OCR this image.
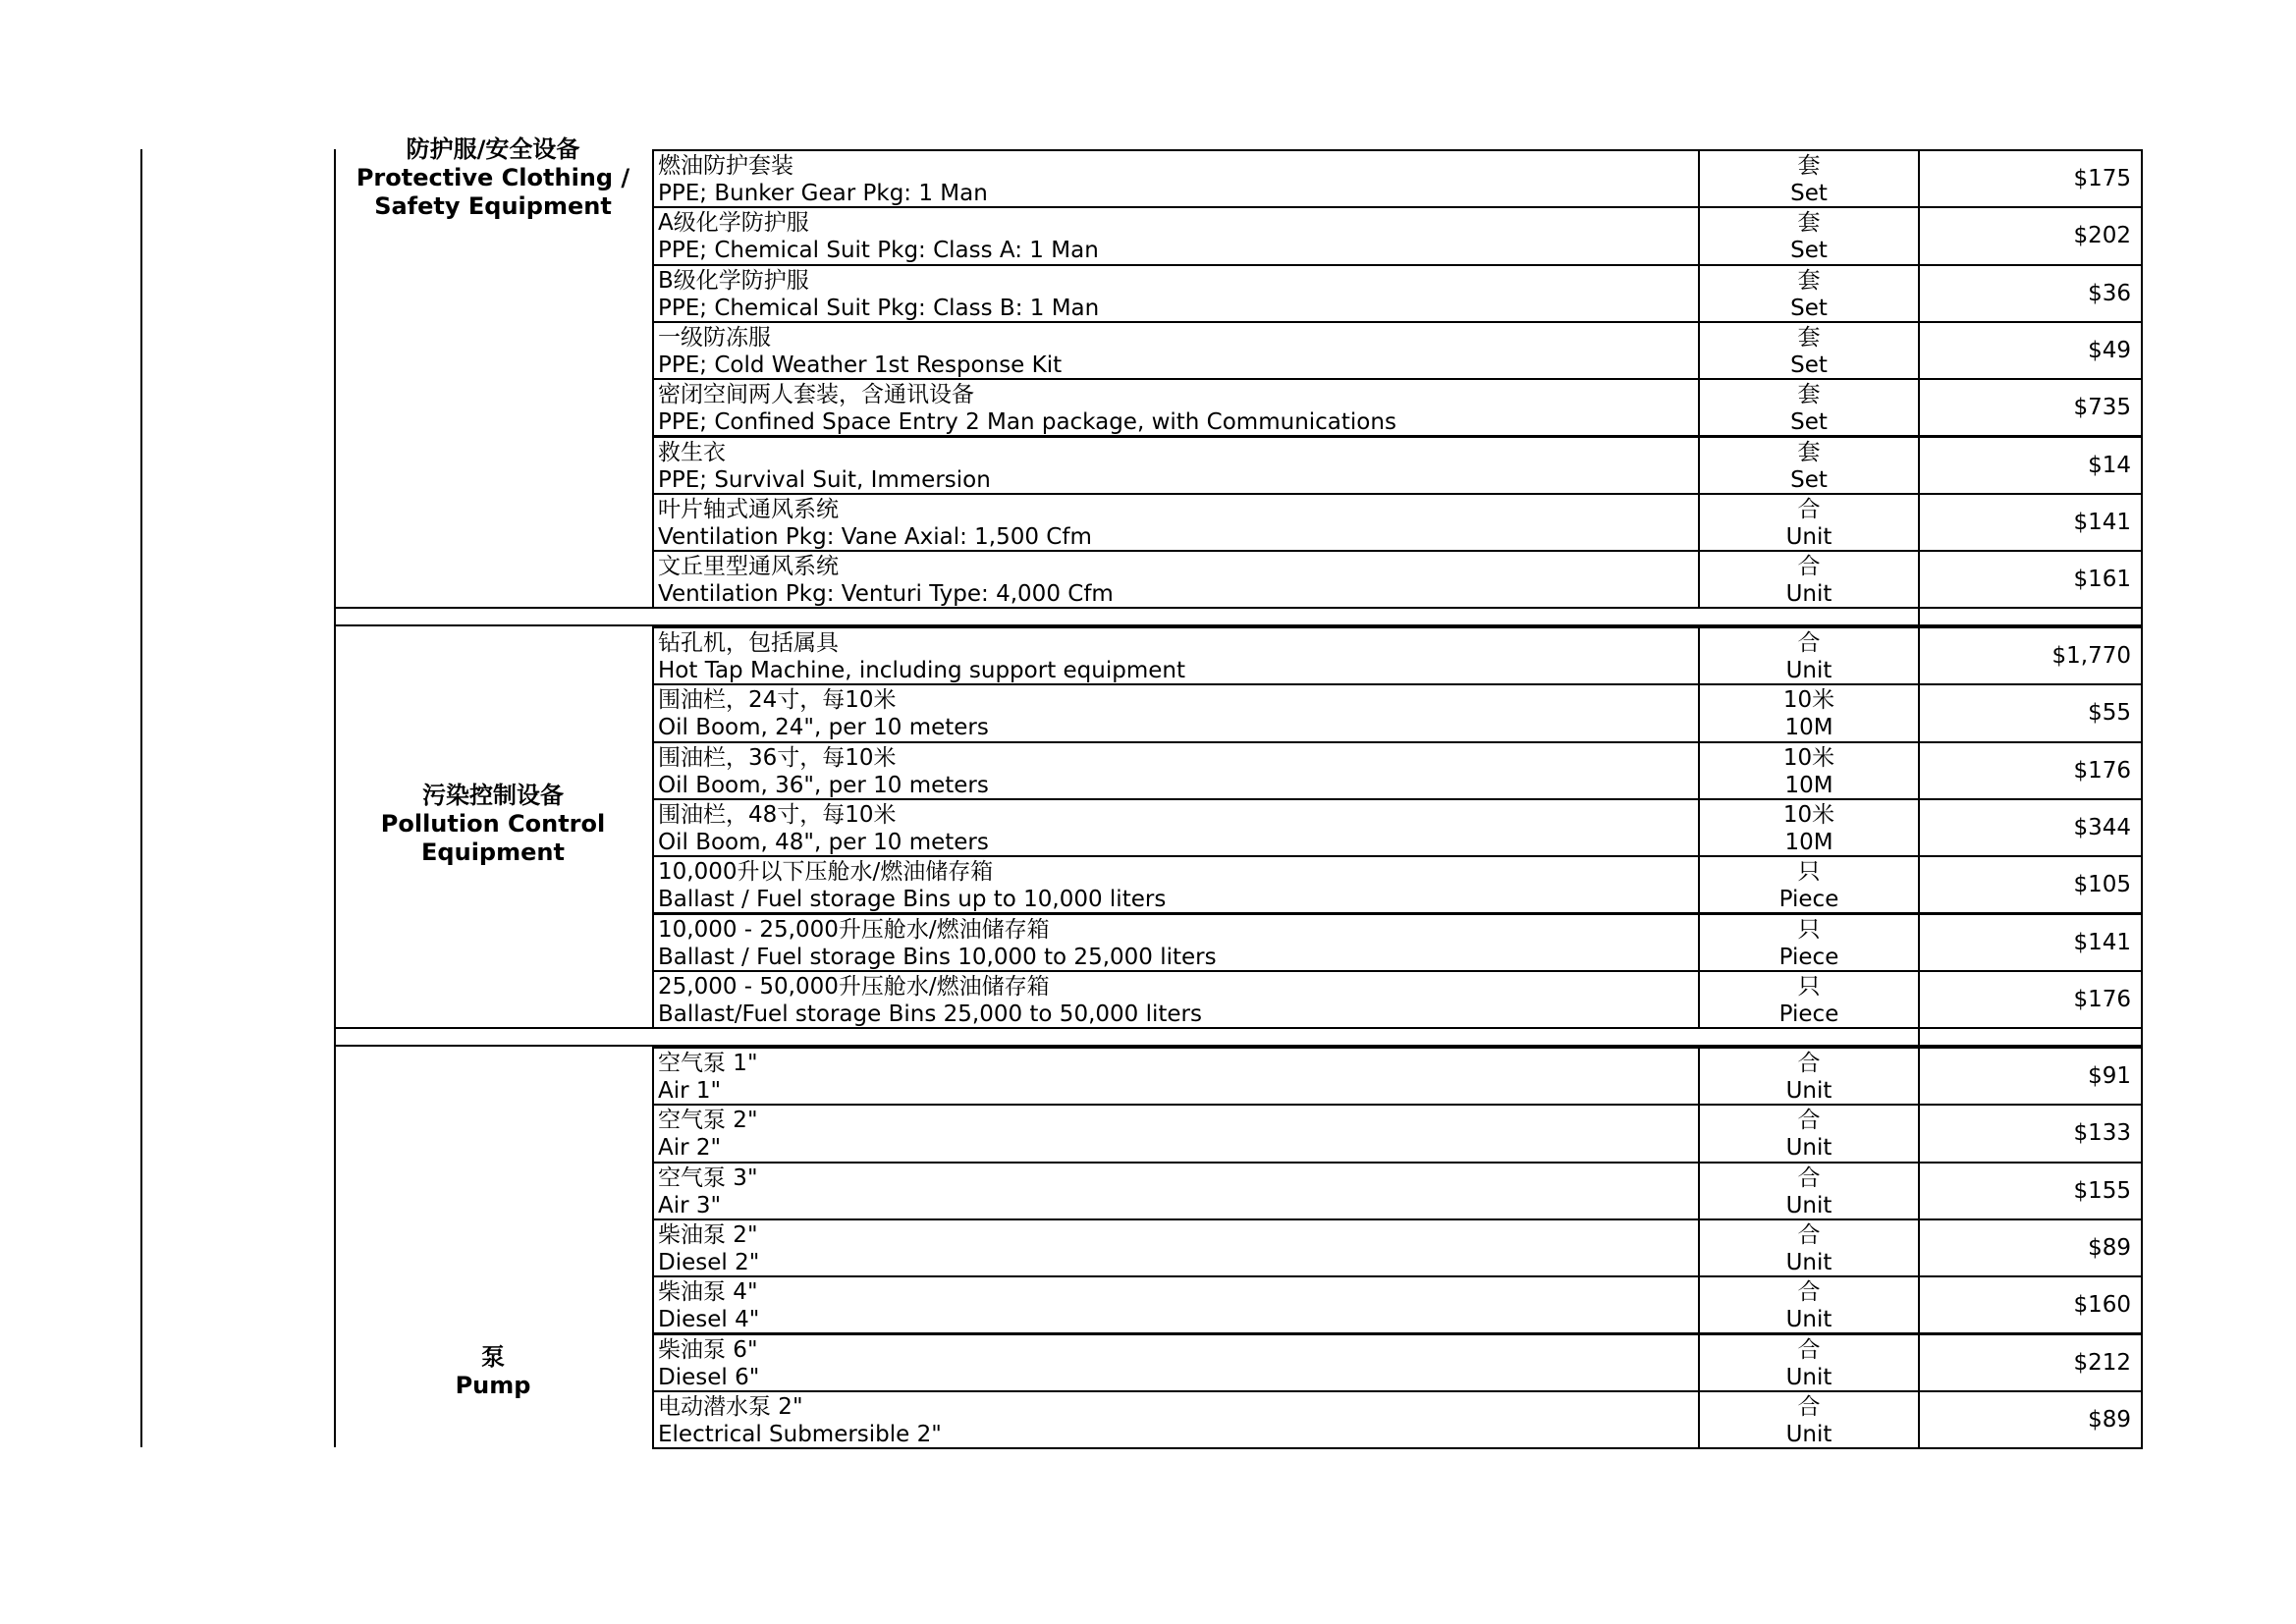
防护服/安全设备
Protective Clothing /
Safety Equipment
燃油防护套装
PPE; Bunker Gear Pkg: 1 Man
套
Set
$175
A级化学防护服
PPE; Chemical Suit Pkg: Class A: 1 Man
套
Set
$202
B级化学防护服
PPE; Chemical Suit Pkg: Class B: 1 Man
套
Set
$36
一级防冻服
PPE; Cold Weather 1st Response Kit
套
Set
$49
密闭空间两人套装，含通讯设备
PPE; Confined Space Entry 2 Man package, with Communications
套
Set
$735
救生衣
PPE; Survival Suit, Immersion
套
Set
$14
叶片轴式通风系统
Ventilation Pkg: Vane Axial: 1,500 Cfm
合
Unit
$141
文丘里型通风系统
Ventilation Pkg: Venturi Type: 4,000 Cfm
合
Unit
$161
污染控制设备
Pollution Control
Equipment
钻孔机，包括属具
Hot Tap Machine, including support equipment
合
Unit
$1,770
围油栏，24寸，每10米
Oil Boom, 24", per 10 meters
10米
10M
$55
围油栏，36寸，每10米
Oil Boom, 36", per 10 meters
10米
10M
$176
围油栏，48寸，每10米
Oil Boom, 48", per 10 meters
10米
10M
$344
10,000升以下压舱水/燃油储存箱
Ballast / Fuel storage Bins up to 10,000 liters
只
Piece
$105
10,000 - 25,000升压舱水/燃油储存箱
Ballast / Fuel storage Bins 10,000 to 25,000 liters
只
Piece
$141
25,000 - 50,000升压舱水/燃油储存箱
Ballast/Fuel storage Bins 25,000 to 50,000 liters
只
Piece
$176
泵
Pump
空气泵 1"
Air 1"
合
Unit
$91
空气泵 2"
Air 2"
合
Unit
$133
空气泵 3"
Air 3"
合
Unit
$155
柴油泵 2"
Diesel 2"
合
Unit
$89
柴油泵 4"
Diesel 4"
合
Unit
$160
柴油泵 6"
Diesel 6"
合
Unit
$212
电动潜水泵 2"
Electrical Submersible 2"
合
Unit
$89
